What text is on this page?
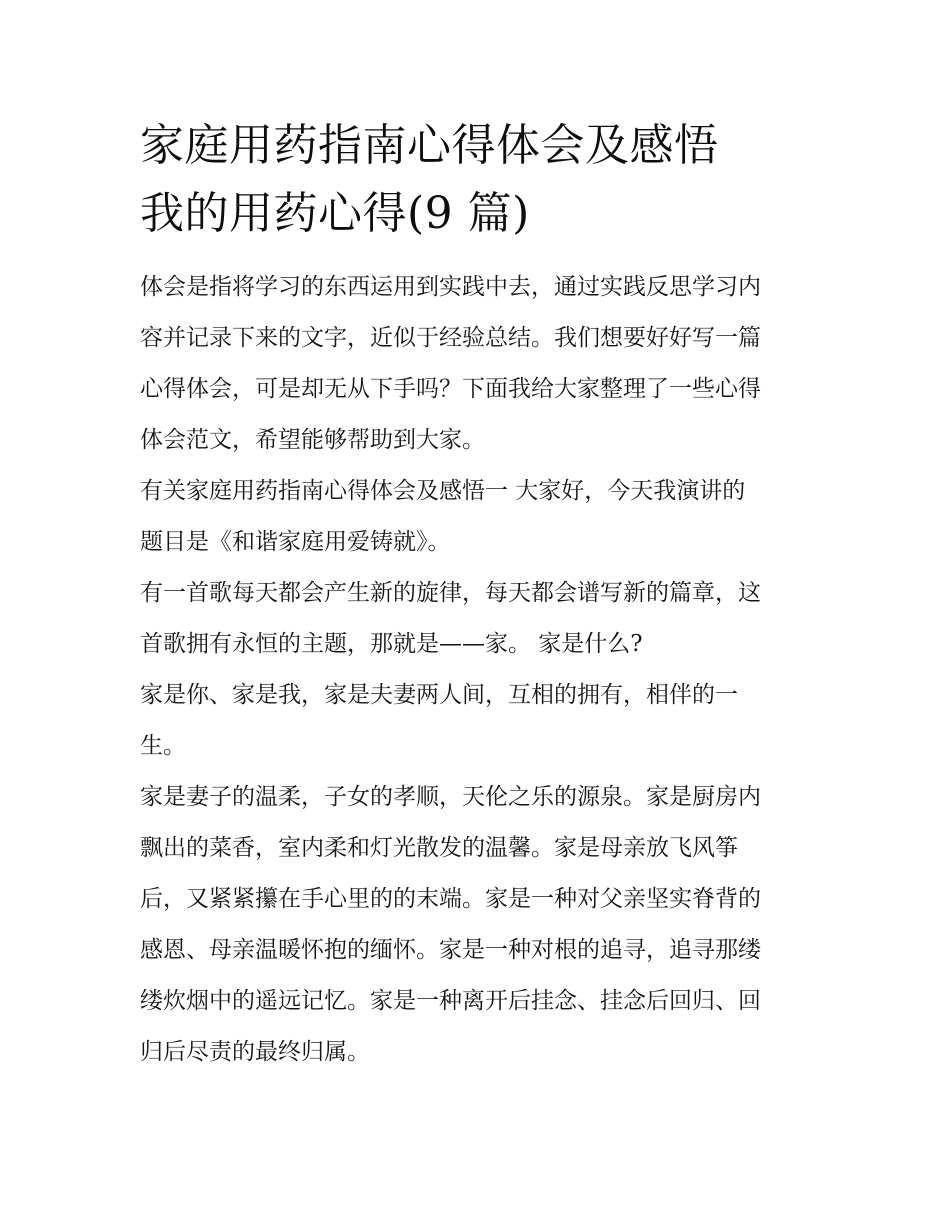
家庭用药指南心得体会及感悟
我的用药心得(9 篇)

体会是指将学习的东西运用到实践中去，通过实践反思学习内
容并记录下来的文字，近似于经验总结。我们想要好好写一篇
心得体会，可是却无从下手吗？下面我给大家整理了一些心得
体会范文，希望能够帮助到大家。

有关家庭用药指南心得体会及感悟一 大家好，今天我演讲的
题目是《和谐家庭用爱铸就》。

有一首歌每天都会产生新的旋律，每天都会谱写新的篇章，这
首歌拥有永恒的主题，那就是——家。 家是什么?

家是你、家是我，家是夫妻两人间，互相的拥有，相伴的一
生。

家是妻子的温柔，子女的孝顺，天伦之乐的源泉。家是厨房内
飘出的菜香，室内柔和灯光散发的温馨。家是母亲放飞风筝
后，又紧紧攥在手心里的的末端。家是一种对父亲坚实脊背的
感恩、母亲温暖怀抱的缅怀。家是一种对根的追寻，追寻那缕
缕炊烟中的遥远记忆。家是一种离开后挂念、挂念后回归、回
归后尽责的最终归属。
